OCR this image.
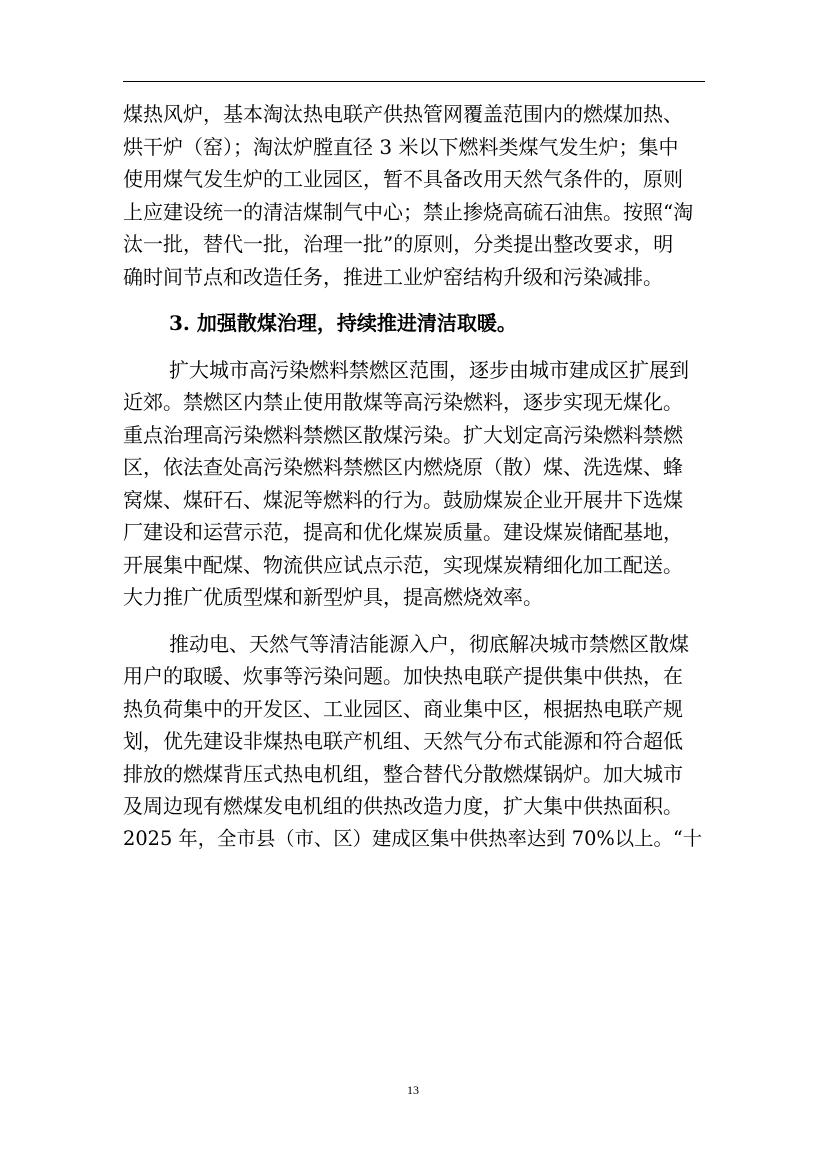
煤热风炉，基本淘汰热电联产供热管网覆盖范围内的燃煤加热、
烘干炉（窑）；淘汰炉膛直径 3 米以下燃料类煤气发生炉；集中
使用煤气发生炉的工业园区，暂不具备改用天然气条件的，原则
上应建设统一的清洁煤制气中心；禁止掺烧高硫石油焦。按照“淘
汰一批，替代一批，治理一批”的原则，分类提出整改要求，明
确时间节点和改造任务，推进工业炉窑结构升级和污染减排。
3. 加强散煤治理，持续推进清洁取暖。
扩大城市高污染燃料禁燃区范围，逐步由城市建成区扩展到
近郊。禁燃区内禁止使用散煤等高污染燃料，逐步实现无煤化。
重点治理高污染燃料禁燃区散煤污染。扩大划定高污染燃料禁燃
区，依法查处高污染燃料禁燃区内燃烧原（散）煤、洗选煤、蜂
窝煤、煤矸石、煤泥等燃料的行为。鼓励煤炭企业开展井下选煤
厂建设和运营示范，提高和优化煤炭质量。建设煤炭储配基地，
开展集中配煤、物流供应试点示范，实现煤炭精细化加工配送。
大力推广优质型煤和新型炉具，提高燃烧效率。
推动电、天然气等清洁能源入户，彻底解决城市禁燃区散煤
用户的取暖、炊事等污染问题。加快热电联产提供集中供热，在
热负荷集中的开发区、工业园区、商业集中区，根据热电联产规
划，优先建设非煤热电联产机组、天然气分布式能源和符合超低
排放的燃煤背压式热电机组，整合替代分散燃煤锅炉。加大城市
及周边现有燃煤发电机组的供热改造力度，扩大集中供热面积。
2025 年，全市县（市、区）建成区集中供热率达到 70%以上。“十
13
